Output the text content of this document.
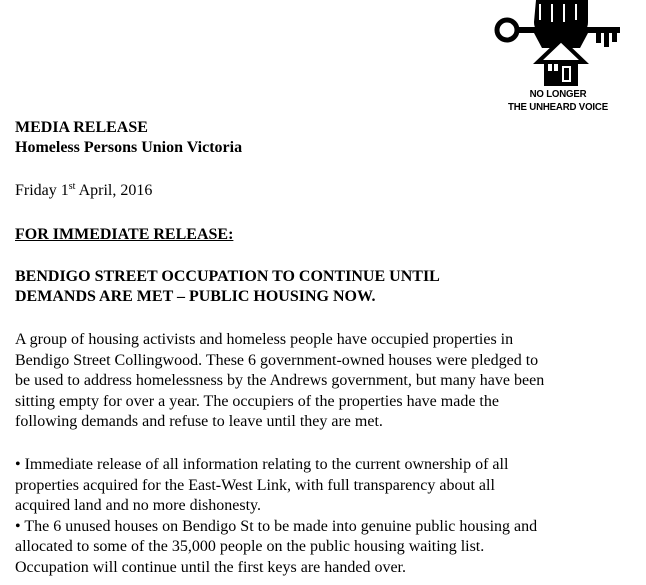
NO LONGER
THE UNHEARD VOICE
MEDIA RELEASE
Homeless Persons Union Victoria
Friday 1st April, 2016
FOR IMMEDIATE RELEASE:
BENDIGO STREET OCCUPATION TO CONTINUE UNTIL
DEMANDS ARE MET – PUBLIC HOUSING NOW.
A group of housing activists and homeless people have occupied properties in
Bendigo Street Collingwood. These 6 government-owned houses were pledged to
be used to address homelessness by the Andrews government, but many have been
sitting empty for over a year. The occupiers of the properties have made the
following demands and refuse to leave until they are met.
• Immediate release of all information relating to the current ownership of all
properties acquired for the East-West Link, with full transparency about all
acquired land and no more dishonesty.
• The 6 unused houses on Bendigo St to be made into genuine public housing and
allocated to some of the 35,000 people on the public housing waiting list.
Occupation will continue until the first keys are handed over.
